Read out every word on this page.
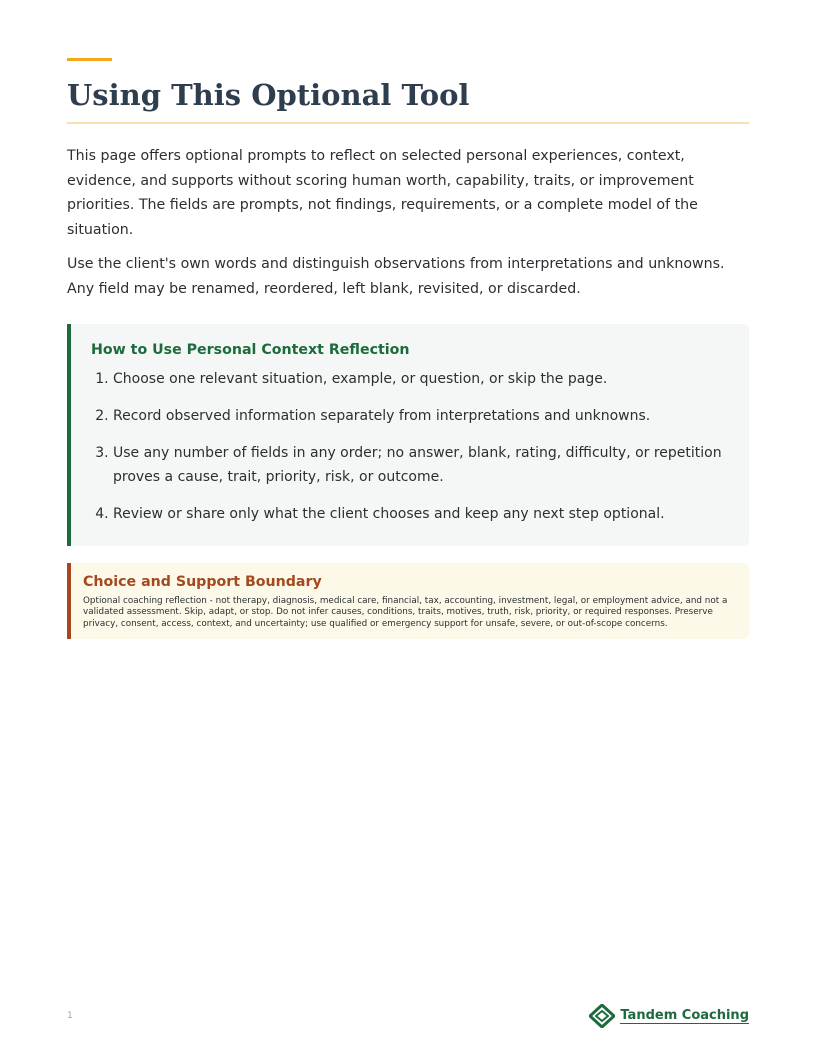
Using This Optional Tool

This page offers optional prompts to reflect on selected personal experiences, context, evidence, and supports without scoring human worth, capability, traits, or improvement priorities. The fields are prompts, not findings, requirements, or a complete model of the situation.

Use the client's own words and distinguish observations from interpretations and unknowns. Any field may be renamed, reordered, left blank, revisited, or discarded.

How to Use Personal Context Reflection
1. Choose one relevant situation, example, or question, or skip the page.
2. Record observed information separately from interpretations and unknowns.
3. Use any number of fields in any order; no answer, blank, rating, difficulty, or repetition proves a cause, trait, priority, risk, or outcome.
4. Review or share only what the client chooses and keep any next step optional.
Choice and Support Boundary

Optional coaching reflection - not therapy, diagnosis, medical care, financial, tax, accounting, investment, legal, or employment advice, and not a validated assessment. Skip, adapt, or stop. Do not infer causes, conditions, traits, motives, truth, risk, priority, or required responses. Preserve privacy, consent, access, context, and uncertainty; use qualified or emergency support for unsafe, severe, or out-of-scope concerns.

1	Tandem Coaching
